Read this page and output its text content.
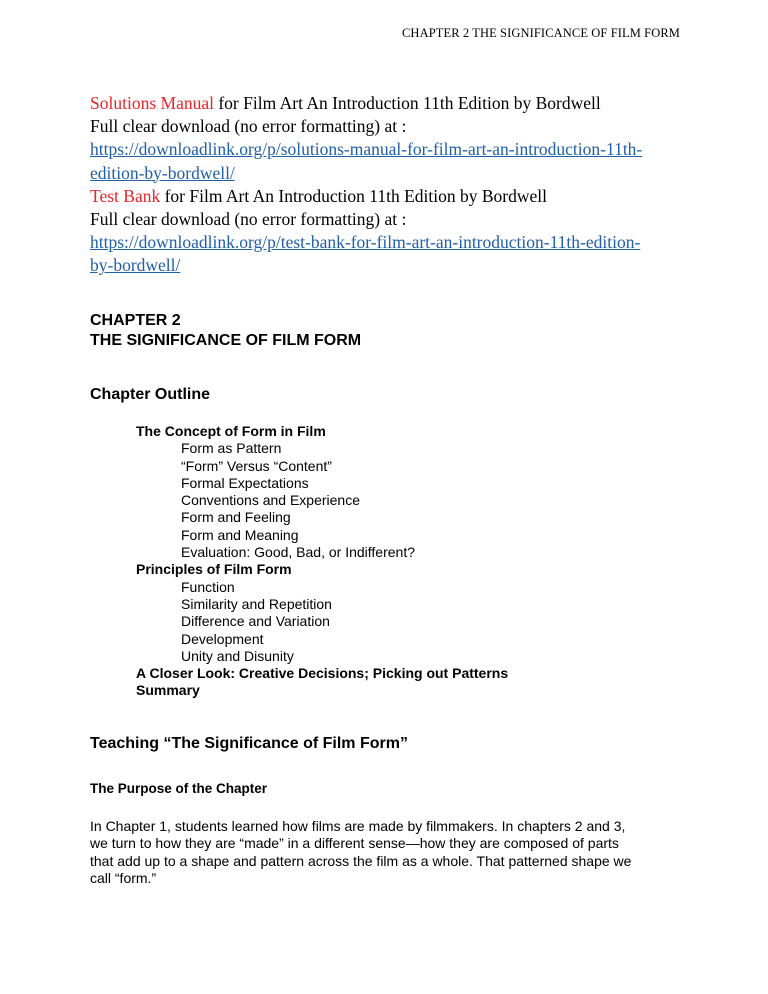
CHAPTER 2 THE SIGNIFICANCE OF FILM FORM
Solutions Manual for Film Art An Introduction 11th Edition by Bordwell
Full clear download (no error formatting) at :
https://downloadlink.org/p/solutions-manual-for-film-art-an-introduction-11th-
edition-by-bordwell/
Test Bank for Film Art An Introduction 11th Edition by Bordwell
Full clear download (no error formatting) at :
https://downloadlink.org/p/test-bank-for-film-art-an-introduction-11th-edition-
by-bordwell/
CHAPTER 2
THE SIGNIFICANCE OF FILM FORM
Chapter Outline
The Concept of Form in Film
Form as Pattern
“Form” Versus “Content”
Formal Expectations
Conventions and Experience
Form and Feeling
Form and Meaning
Evaluation: Good, Bad, or Indifferent?
Principles of Film Form
Function
Similarity and Repetition
Difference and Variation
Development
Unity and Disunity
A Closer Look: Creative Decisions; Picking out Patterns
Summary
Teaching “The Significance of Film Form”
The Purpose of the Chapter
In Chapter 1, students learned how films are made by filmmakers. In chapters 2 and 3,
we turn to how they are “made” in a different sense—how they are composed of parts
that add up to a shape and pattern across the film as a whole. That patterned shape we
call “form.”
